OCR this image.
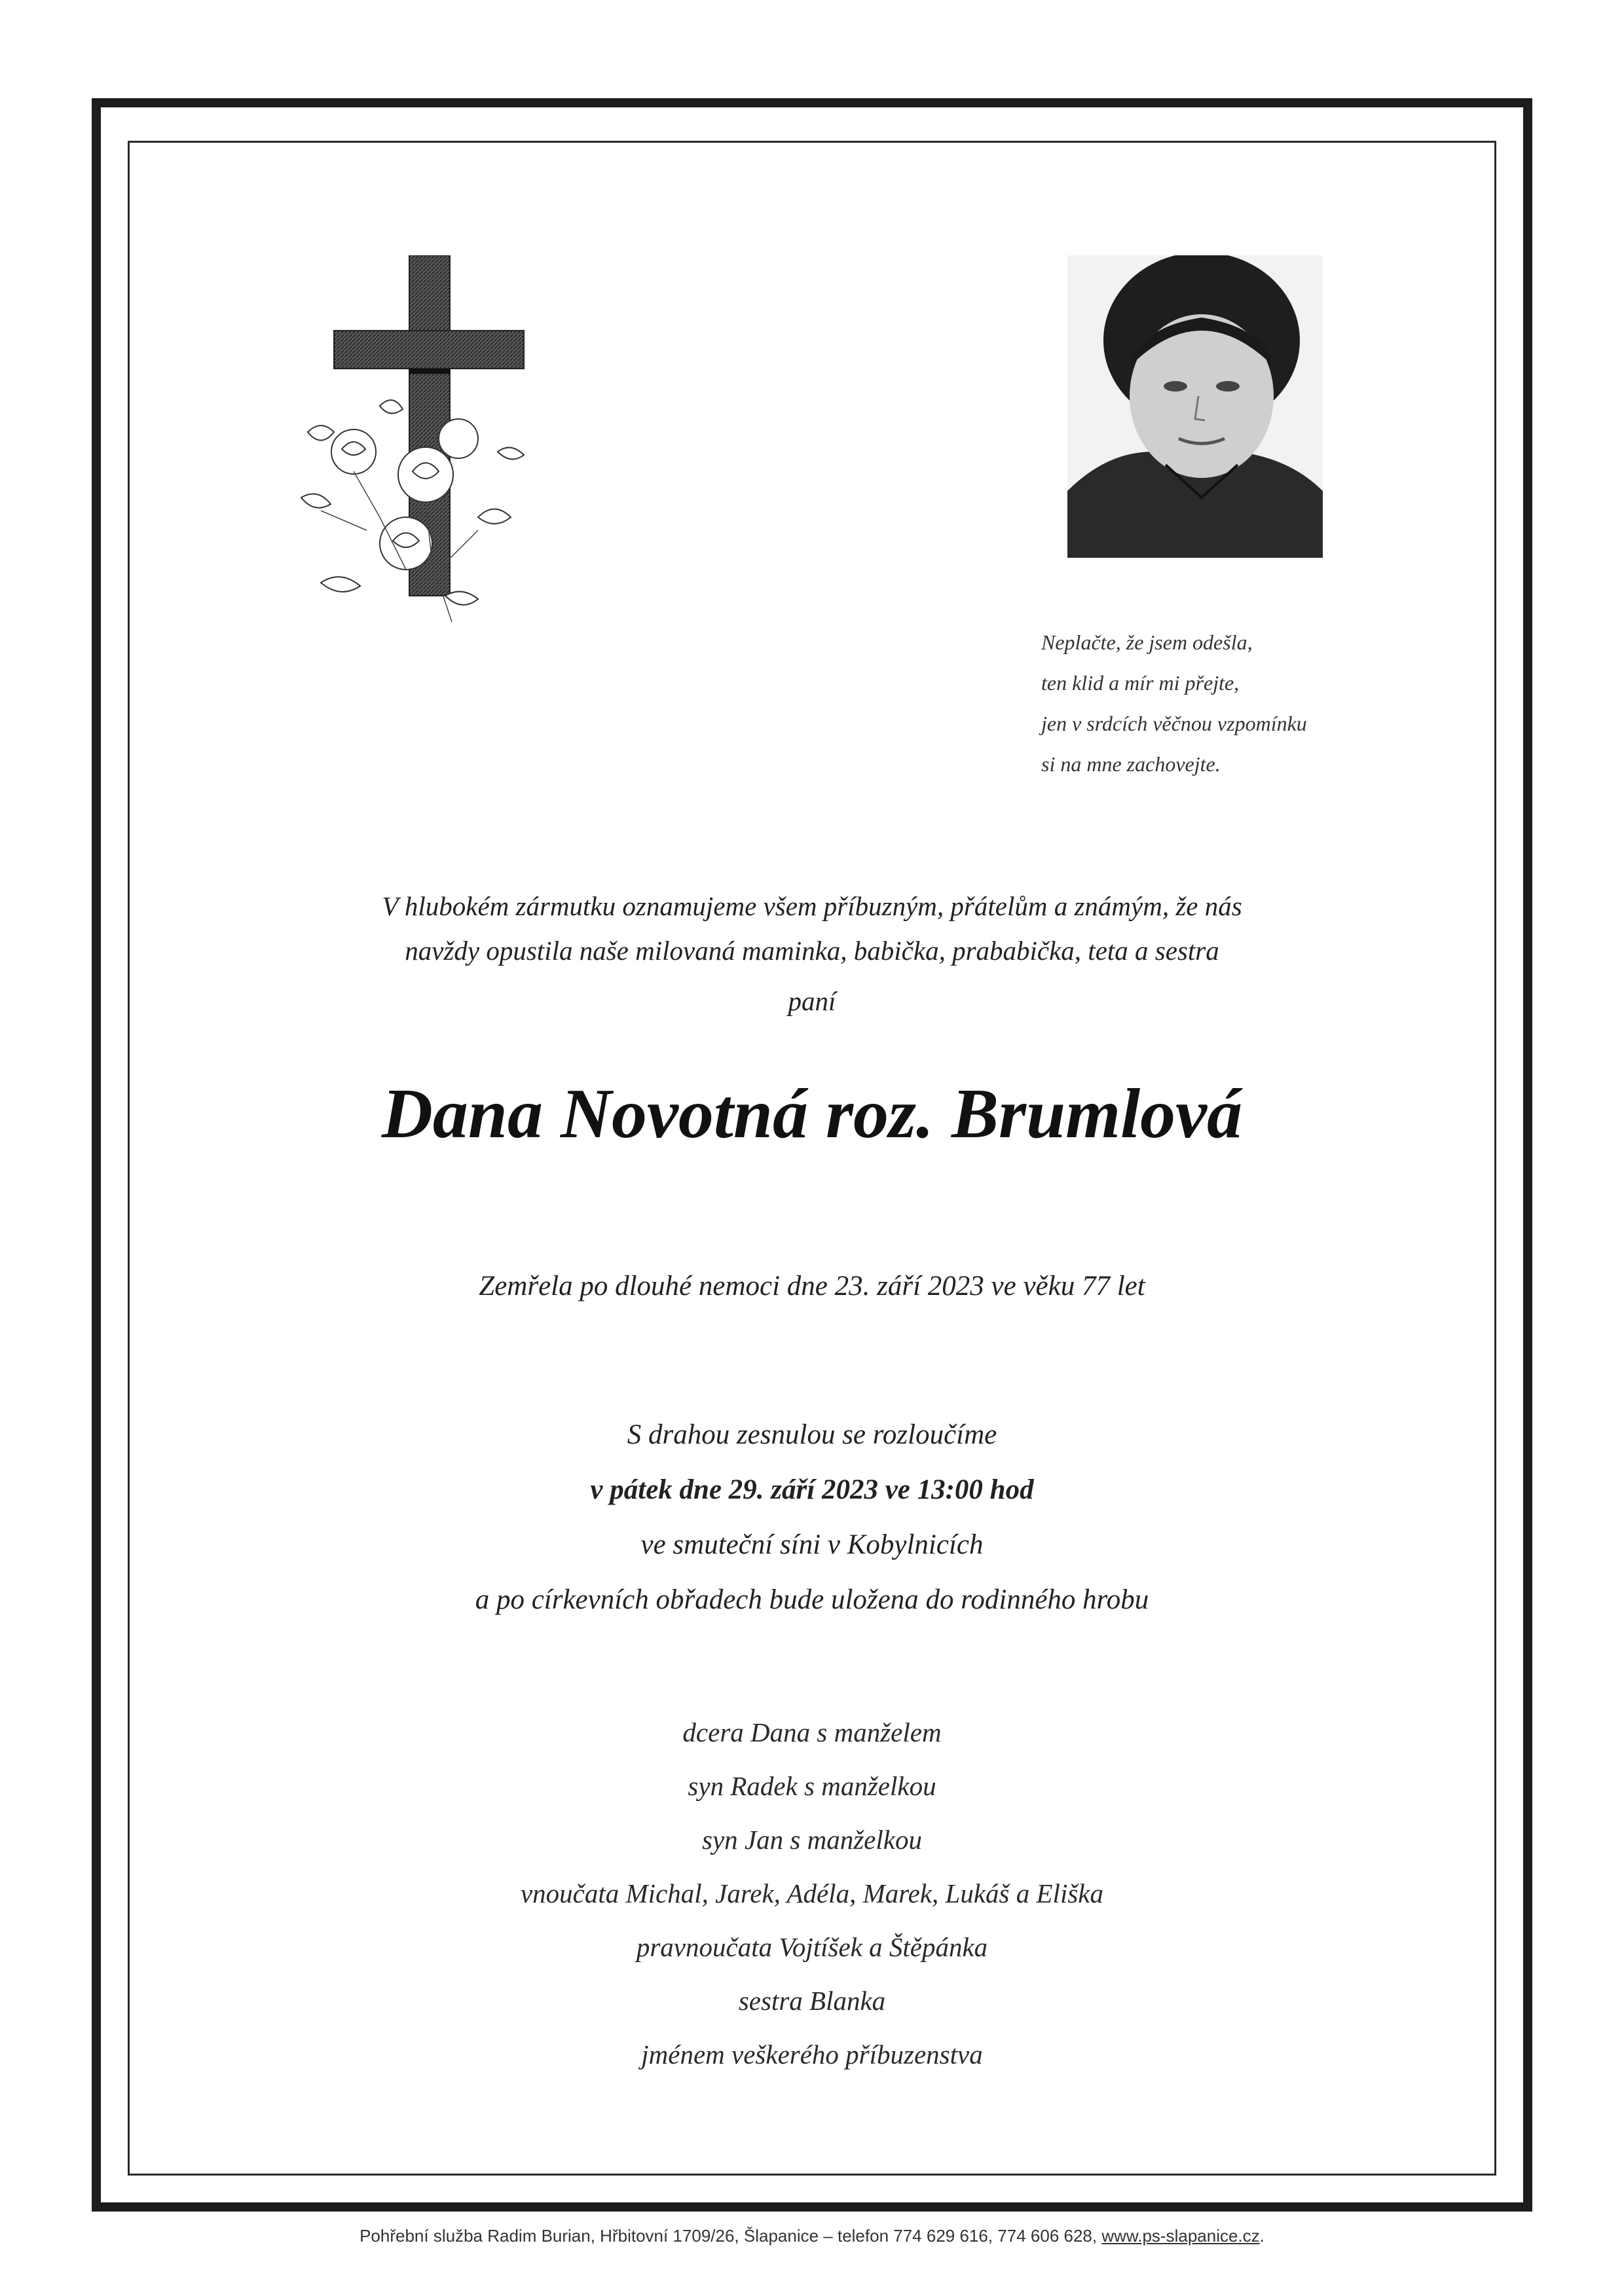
Neplačte, že jsem odešla,
ten klid a mír mi přejte,
jen v srdcích věčnou vzpomínku
si na mne zachovejte.
V hlubokém zármutku oznamujeme všem příbuzným, přátelům a známým, že nás
navždy opustila naše milovaná maminka, babička, prababička, teta a sestra
paní
Dana Novotná roz. Brumlová
Zemřela po dlouhé nemoci dne 23. září 2023 ve věku 77 let
S drahou zesnulou se rozloučíme
v pátek dne 29. září 2023 ve 13:00 hod
ve smuteční síni v Kobylnicích
a po církevních obřadech bude uložena do rodinného hrobu
dcera Dana s manželem
syn Radek s manželkou
syn Jan s manželkou
vnoučata Michal, Jarek, Adéla, Marek, Lukáš a Eliška
pravnoučata Vojtíšek a Štěpánka
sestra Blanka
jménem veškerého příbuzenstva
Pohřební služba Radim Burian, Hřbitovní 1709/26, Šlapanice – telefon 774 629 616, 774 606 628, www.ps-slapanice.cz.
